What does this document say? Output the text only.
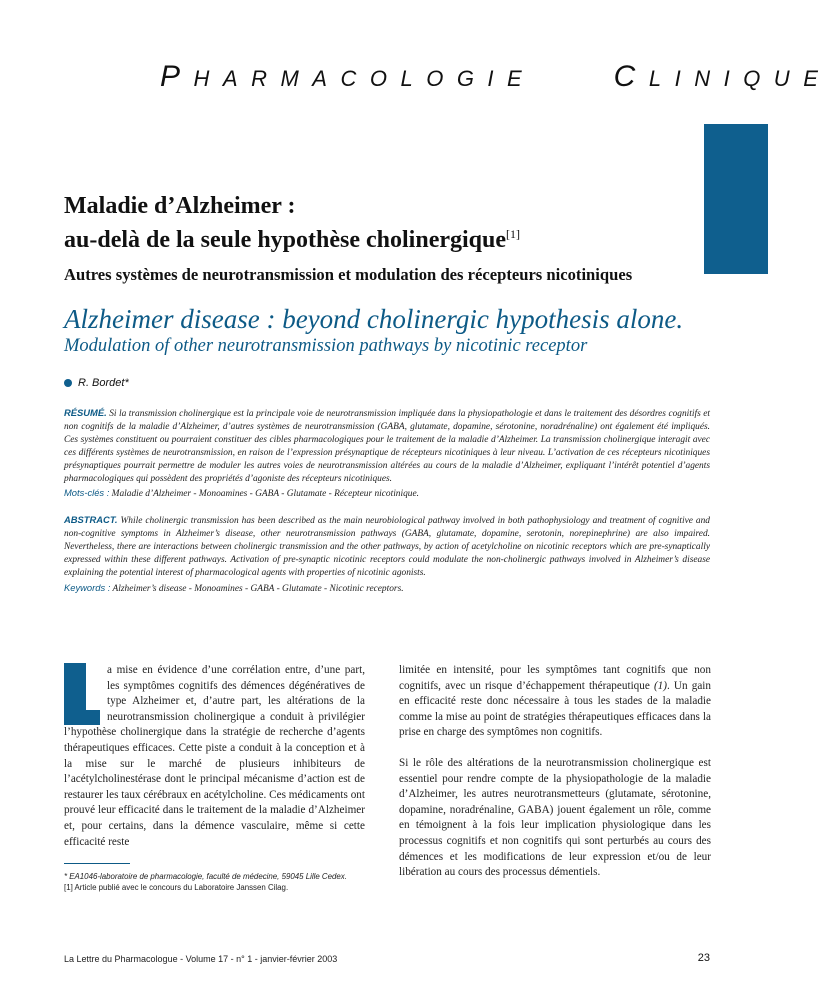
PHARMACOLOGIE	CLINIQUE
Maladie d’Alzheimer :
au-delà de la seule hypothèse cholinergique[1]
Autres systèmes de neurotransmission et modulation des récepteurs nicotiniques
Alzheimer disease : beyond cholinergic hypothesis alone.
Modulation of other neurotransmission pathways by nicotinic receptor
R. Bordet*
RÉSUMÉ. Si la transmission cholinergique est la principale voie de neurotransmission impliquée dans la physiopathologie et dans le traitement des désordres cognitifs et non cognitifs de la maladie d’Alzheimer, d’autres systèmes de neurotransmission (GABA, glutamate, dopamine, sérotonine, noradrénaline) ont également été impliqués. Ces systèmes constituent ou pourraient constituer des cibles pharmacologiques pour le traitement de la maladie d’Alzheimer. La transmission cholinergique interagit avec ces différents systèmes de neurotransmission, en raison de l’expression présynaptique de récepteurs nicotiniques à leur niveau. L’activation de ces récepteurs nicotiniques présynaptiques pourrait permettre de moduler les autres voies de neurotransmission altérées au cours de la maladie d’Alzheimer, expliquant l’intérêt potentiel d’agents pharmacologiques qui possèdent des propriétés d’agoniste des récepteurs nicotiniques.
Mots-clés : Maladie d’Alzheimer - Monoamines - GABA - Glutamate - Récepteur nicotinique.
ABSTRACT. While cholinergic transmission has been described as the main neurobiological pathway involved in both pathophysiology and treatment of cognitive and non-cognitive symptoms in Alzheimer’s disease, other neurotransmission pathways (GABA, glutamate, dopamine, serotonin, norepinephrine) are also impaired. Nevertheless, there are interactions between cholinergic transmission and the other pathways, by action of acetylcholine on nicotinic receptors which are pre-synaptically expressed within these different pathways. Activation of pre-synaptic nicotinic receptors could modulate the non-cholinergic pathways involved in Alzheimer’s disease explaining the potential interest of pharmacological agents with properties of nicotinic agonists.
Keywords : Alzheimer’s disease - Monoamines - GABA - Glutamate - Nicotinic receptors.
a mise en évidence d’une corrélation entre, d’une part, les symptômes cognitifs des démences dégénératives de type Alzheimer et, d’autre part, les altérations de la neurotransmission cholinergique a conduit à privilégier l’hypothèse cholinergique dans la stratégie de recherche d’agents thérapeutiques efficaces. Cette piste a conduit à la conception et à la mise sur le marché de plusieurs inhibiteurs de l’acétylcholinestérase dont le principal mécanisme d’action est de restaurer les taux cérébraux en acétylcholine. Ces médicaments ont prouvé leur efficacité dans le traitement de la maladie d’Alzheimer et, pour certains, dans la démence vasculaire, même si cette efficacité reste
limitée en intensité, pour les symptômes tant cognitifs que non cognitifs, avec un risque d’échappement thérapeutique (1). Un gain en efficacité reste donc nécessaire à tous les stades de la maladie comme la mise au point de stratégies thérapeutiques efficaces dans la prise en charge des symptômes non cognitifs.
Si le rôle des altérations de la neurotransmission cholinergique est essentiel pour rendre compte de la physiopathologie de la maladie d’Alzheimer, les autres neurotransmetteurs (glutamate, sérotonine, dopamine, noradrénaline, GABA) jouent également un rôle, comme en témoignent à la fois leur implication physiologique dans les processus cognitifs et non cognitifs qui sont perturbés au cours des démences et les modifications de leur expression et/ou de leur libération au cours des processus démentiels.
* EA1046-laboratoire de pharmacologie, faculté de médecine, 59045 Lille Cedex.
[1] Article publié avec le concours du Laboratoire Janssen Cilag.
La Lettre du Pharmacologue - Volume 17 - n° 1 - janvier-février 2003	23
